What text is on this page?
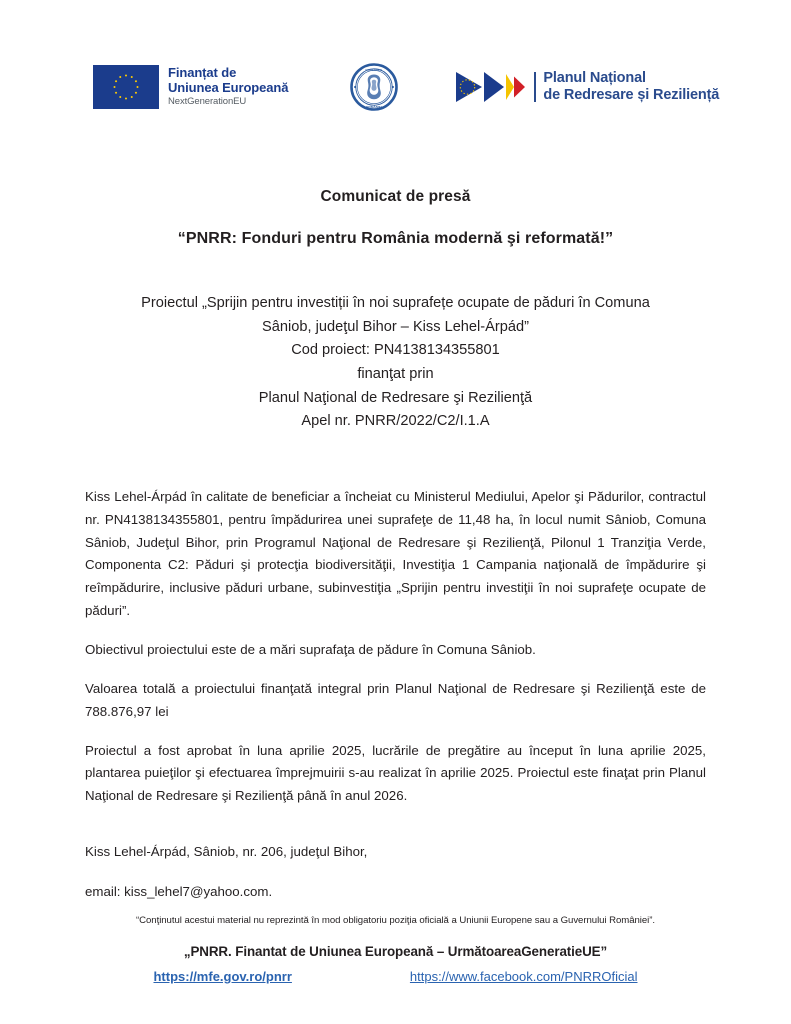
Finanțat de
Uniunea Europeană
NextGenerationEU
GUVERNUL
ROMÂNIEI
Planul Național
de Redresare și Reziliență
Comunicat de presă
“PNRR: Fonduri pentru România modernă şi reformată!”
Proiectul „Sprijin pentru investiții în noi suprafețe ocupate de păduri în Comuna
Sâniob, judeţul Bihor – Kiss Lehel-Árpád”
Cod proiect: PN4138134355801
finanţat prin
Planul Naţional de Redresare şi Rezilienţă
Apel nr. PNRR/2022/C2/I.1.A

Kiss Lehel-Árpád în calitate de beneficiar a încheiat cu Ministerul Mediului, Apelor şi Pădurilor, contractul nr. PN4138134355801, pentru împădurirea unei suprafeţe de 11,48 ha, în locul numit Sâniob, Comuna Sâniob, Judeţul Bihor, prin Programul Naţional de Redresare şi Rezilienţă, Pilonul 1 Tranziţia Verde, Componenta C2: Păduri şi protecţia biodiversităţii, Investiţia 1 Campania naţională de împădurire şi reîmpădurire, inclusive păduri urbane, subinvestiţia „Sprijin pentru investiţii în noi suprafeţe ocupate de păduri”.

Obiectivul proiectului este de a mări suprafaţa de pădure în Comuna Sâniob.

Valoarea totală a proiectului finanţată integral prin Planul Naţional de Redresare şi Rezilienţă este de 788.876,97 lei

Proiectul a fost aprobat în luna aprilie 2025, lucrările de pregătire au început în luna aprilie 2025, plantarea puieţilor şi efectuarea împrejmuirii s-au realizat în aprilie 2025. Proiectul este finaţat prin Planul Naţional de Redresare şi Rezilienţă până în anul 2026.

Kiss Lehel-Árpád, Sâniob, nr. 206, judeţul Bihor,

email: kiss_lehel7@yahoo.com.

“Conţinutul acestui material nu reprezintă în mod obligatoriu poziţia oficială a Uniunii Europene sau a Guvernului României”.
„PNRR. Finantat de Uniunea Europeană – UrmătoareaGeneratieUE”
https://mfe.gov.ro/pnrr	https://www.facebook.com/PNRROficial
